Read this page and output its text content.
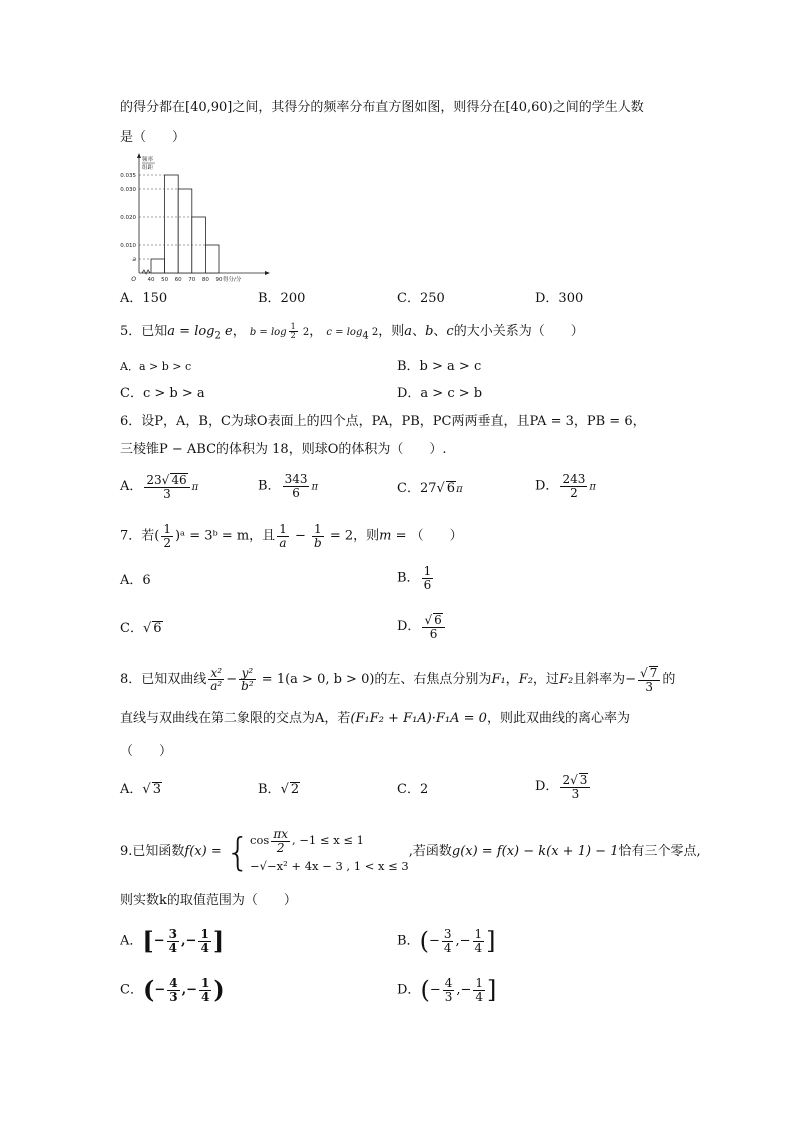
的得分都在[40,90]之间，其得分的频率分布直方图如图，则得分在[40,60)之间的学生人数
是（　　）
0.035
0.030
0.020
0.010
a
40 50 60 70 80 90
O	得分/分
频率
组距
A．150	B．200	C．250	D．300
5．已知$a = \log_2 e$， $b = \log \frac{1}{2} 2$， $c = \log_4 2$，则a、b、c的大小关系为（　　）
A．a > b > c	B．b > a > c
C．c > b > a	D．a > c > b
6．设P，A，B，C为球O表面上的四个点，PA，PB，PC两两垂直，且PA = 3，PB = 6，
三棱锥P − ABC的体积为 18，则球O的体积为（　　）.
A． $\frac{23√ 46}{3}$ π	B． $\frac{343}{6}$ π	C．27√ 6π	D． $\frac{243}{2}$ π
7．若( $\frac{1}{2}$ )ᵃ = 3ᵇ = m，且 $\frac{1}{a} - \frac{1}{b} = 2$，则m = （　　）
A．6	B． $\frac{1}{6}$
C．√ 6	D． $\frac{√ 6}{6}$
8．已知双曲线 $\frac{\text{x²}}{\text{a²}} - \frac{\text{y²}}{\text{b²}} = 1(a > 0$, b > 0)的左、右焦点分别为F₁，F₂，过F₂且斜率为− $\frac{√ 7}{3}$ 的
直线与双曲线在第二象限的交点为A，若(F₁F₂ + F₁A)·F₁A = 0，则此双曲线的离心率为
（　　）
A．√ 3	B．√ 2	C．2	D． $\frac{2√ 3}{3}$
9.已知函数f(x) = { $\cos \frac{\pi x}{2}$ , −1 ≤ x ≤ 1
−√−x² + 4x − 3 , 1 < x ≤ 3
,若函数g(x) = f(x) − k(x + 1) − 1恰有三个零点,
则实数k的取值范围为（　　）
A．[− $\frac{3}{4}$ ,− $\frac{1}{4}$ ]	B．(− $\frac{3}{4}$ ,− $\frac{1}{4}$ ]
C．(− $\frac{4}{3}$ ,− $\frac{1}{4}$ )	D．(− $\frac{4}{3}$ ,− $\frac{1}{4}$ ]
